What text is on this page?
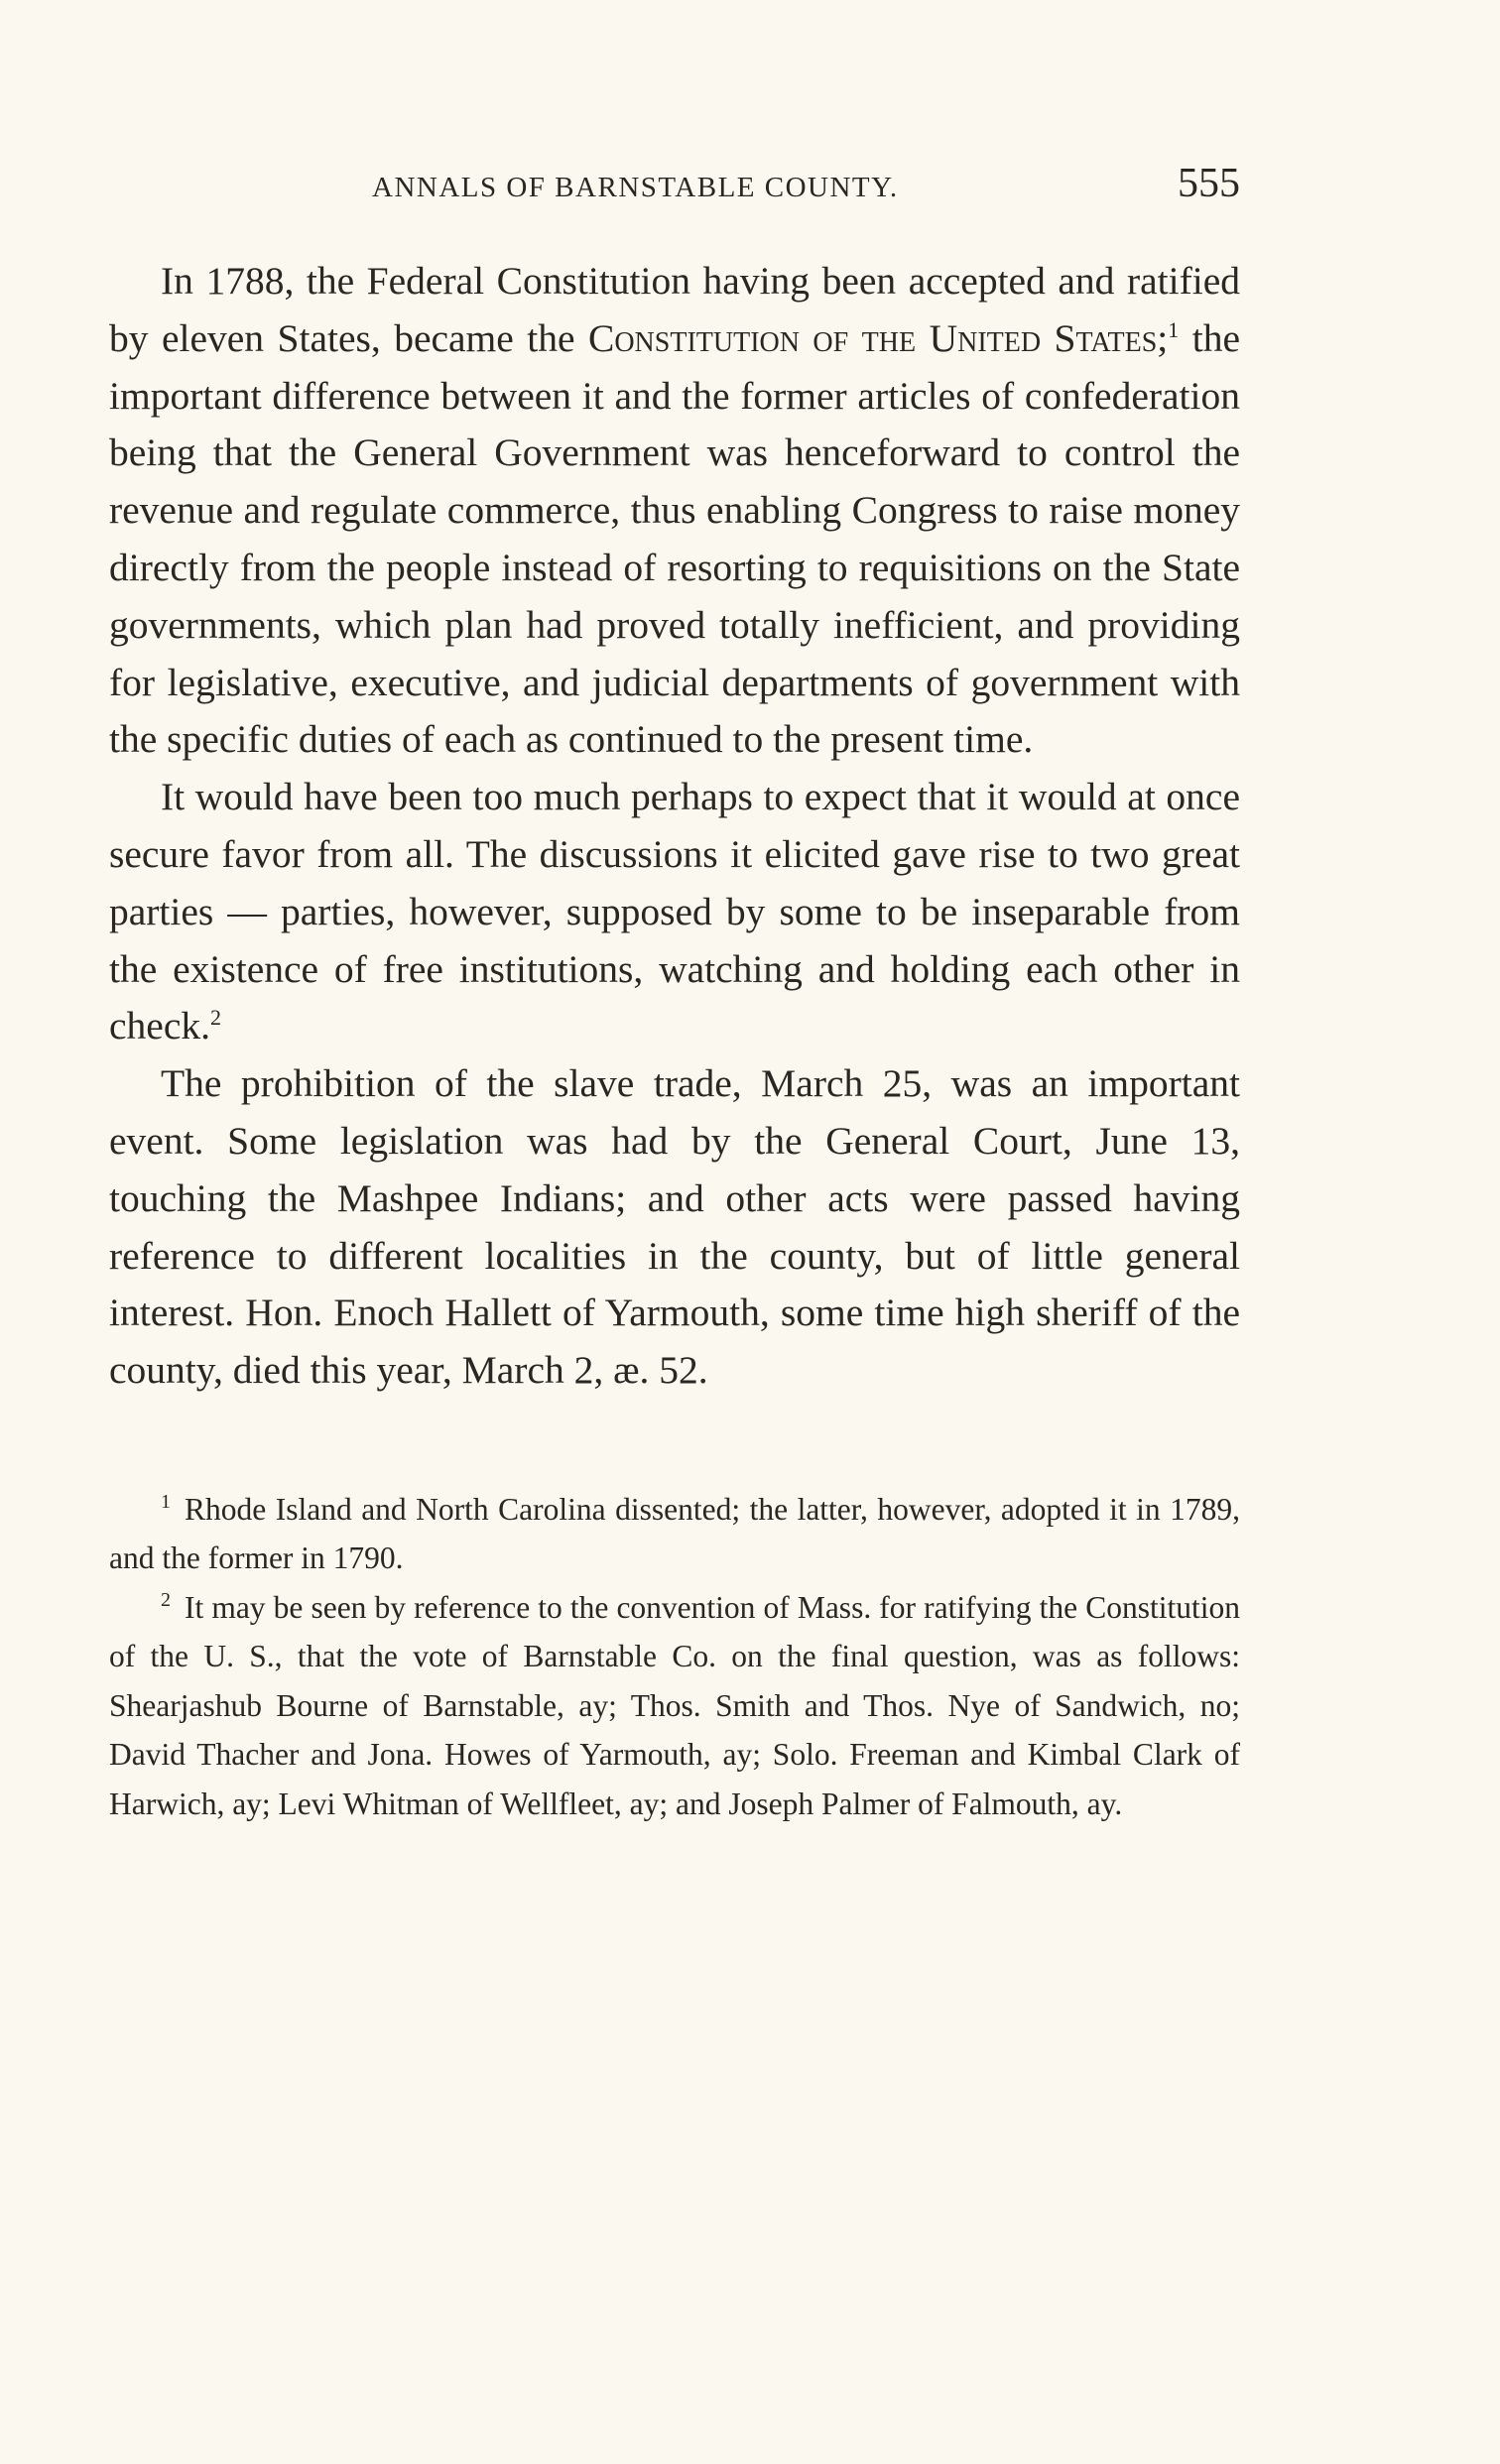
ANNALS OF BARNSTABLE COUNTY.	555

In 1788, the Federal Constitution having been accepted and ratified by eleven States, became the Constitution of the United States;$^1$ the important difference between it and the former articles of confederation being that the General Government was henceforward to control the revenue and regulate commerce, thus enabling Congress to raise money directly from the people instead of resorting to requisitions on the State governments, which plan had proved totally inefficient, and providing for legislative, executive, and judicial departments of government with the specific duties of each as continued to the present time.

It would have been too much perhaps to expect that it would at once secure favor from all. The discussions it elicited gave rise to two great parties — parties, however, supposed by some to be inseparable from the existence of free institutions, watching and holding each other in check.$^2$

The prohibition of the slave trade, March 25, was an important event. Some legislation was had by the General Court, June 13, touching the Mashpee Indians; and other acts were passed having reference to different localities in the county, but of little general interest. Hon. Enoch Hallett of Yarmouth, some time high sheriff of the county, died this year, March 2, æ. 52.

$^1$ Rhode Island and North Carolina dissented; the latter, however, adopted it in 1789, and the former in 1790.

$^2$ It may be seen by reference to the convention of Mass. for ratifying the Constitution of the U. S., that the vote of Barnstable Co. on the final question, was as follows: Shearjashub Bourne of Barnstable, ay; Thos. Smith and Thos. Nye of Sandwich, no; David Thacher and Jona. Howes of Yarmouth, ay; Solo. Freeman and Kimbal Clark of Harwich, ay; Levi Whitman of Wellfleet, ay; and Joseph Palmer of Falmouth, ay.
